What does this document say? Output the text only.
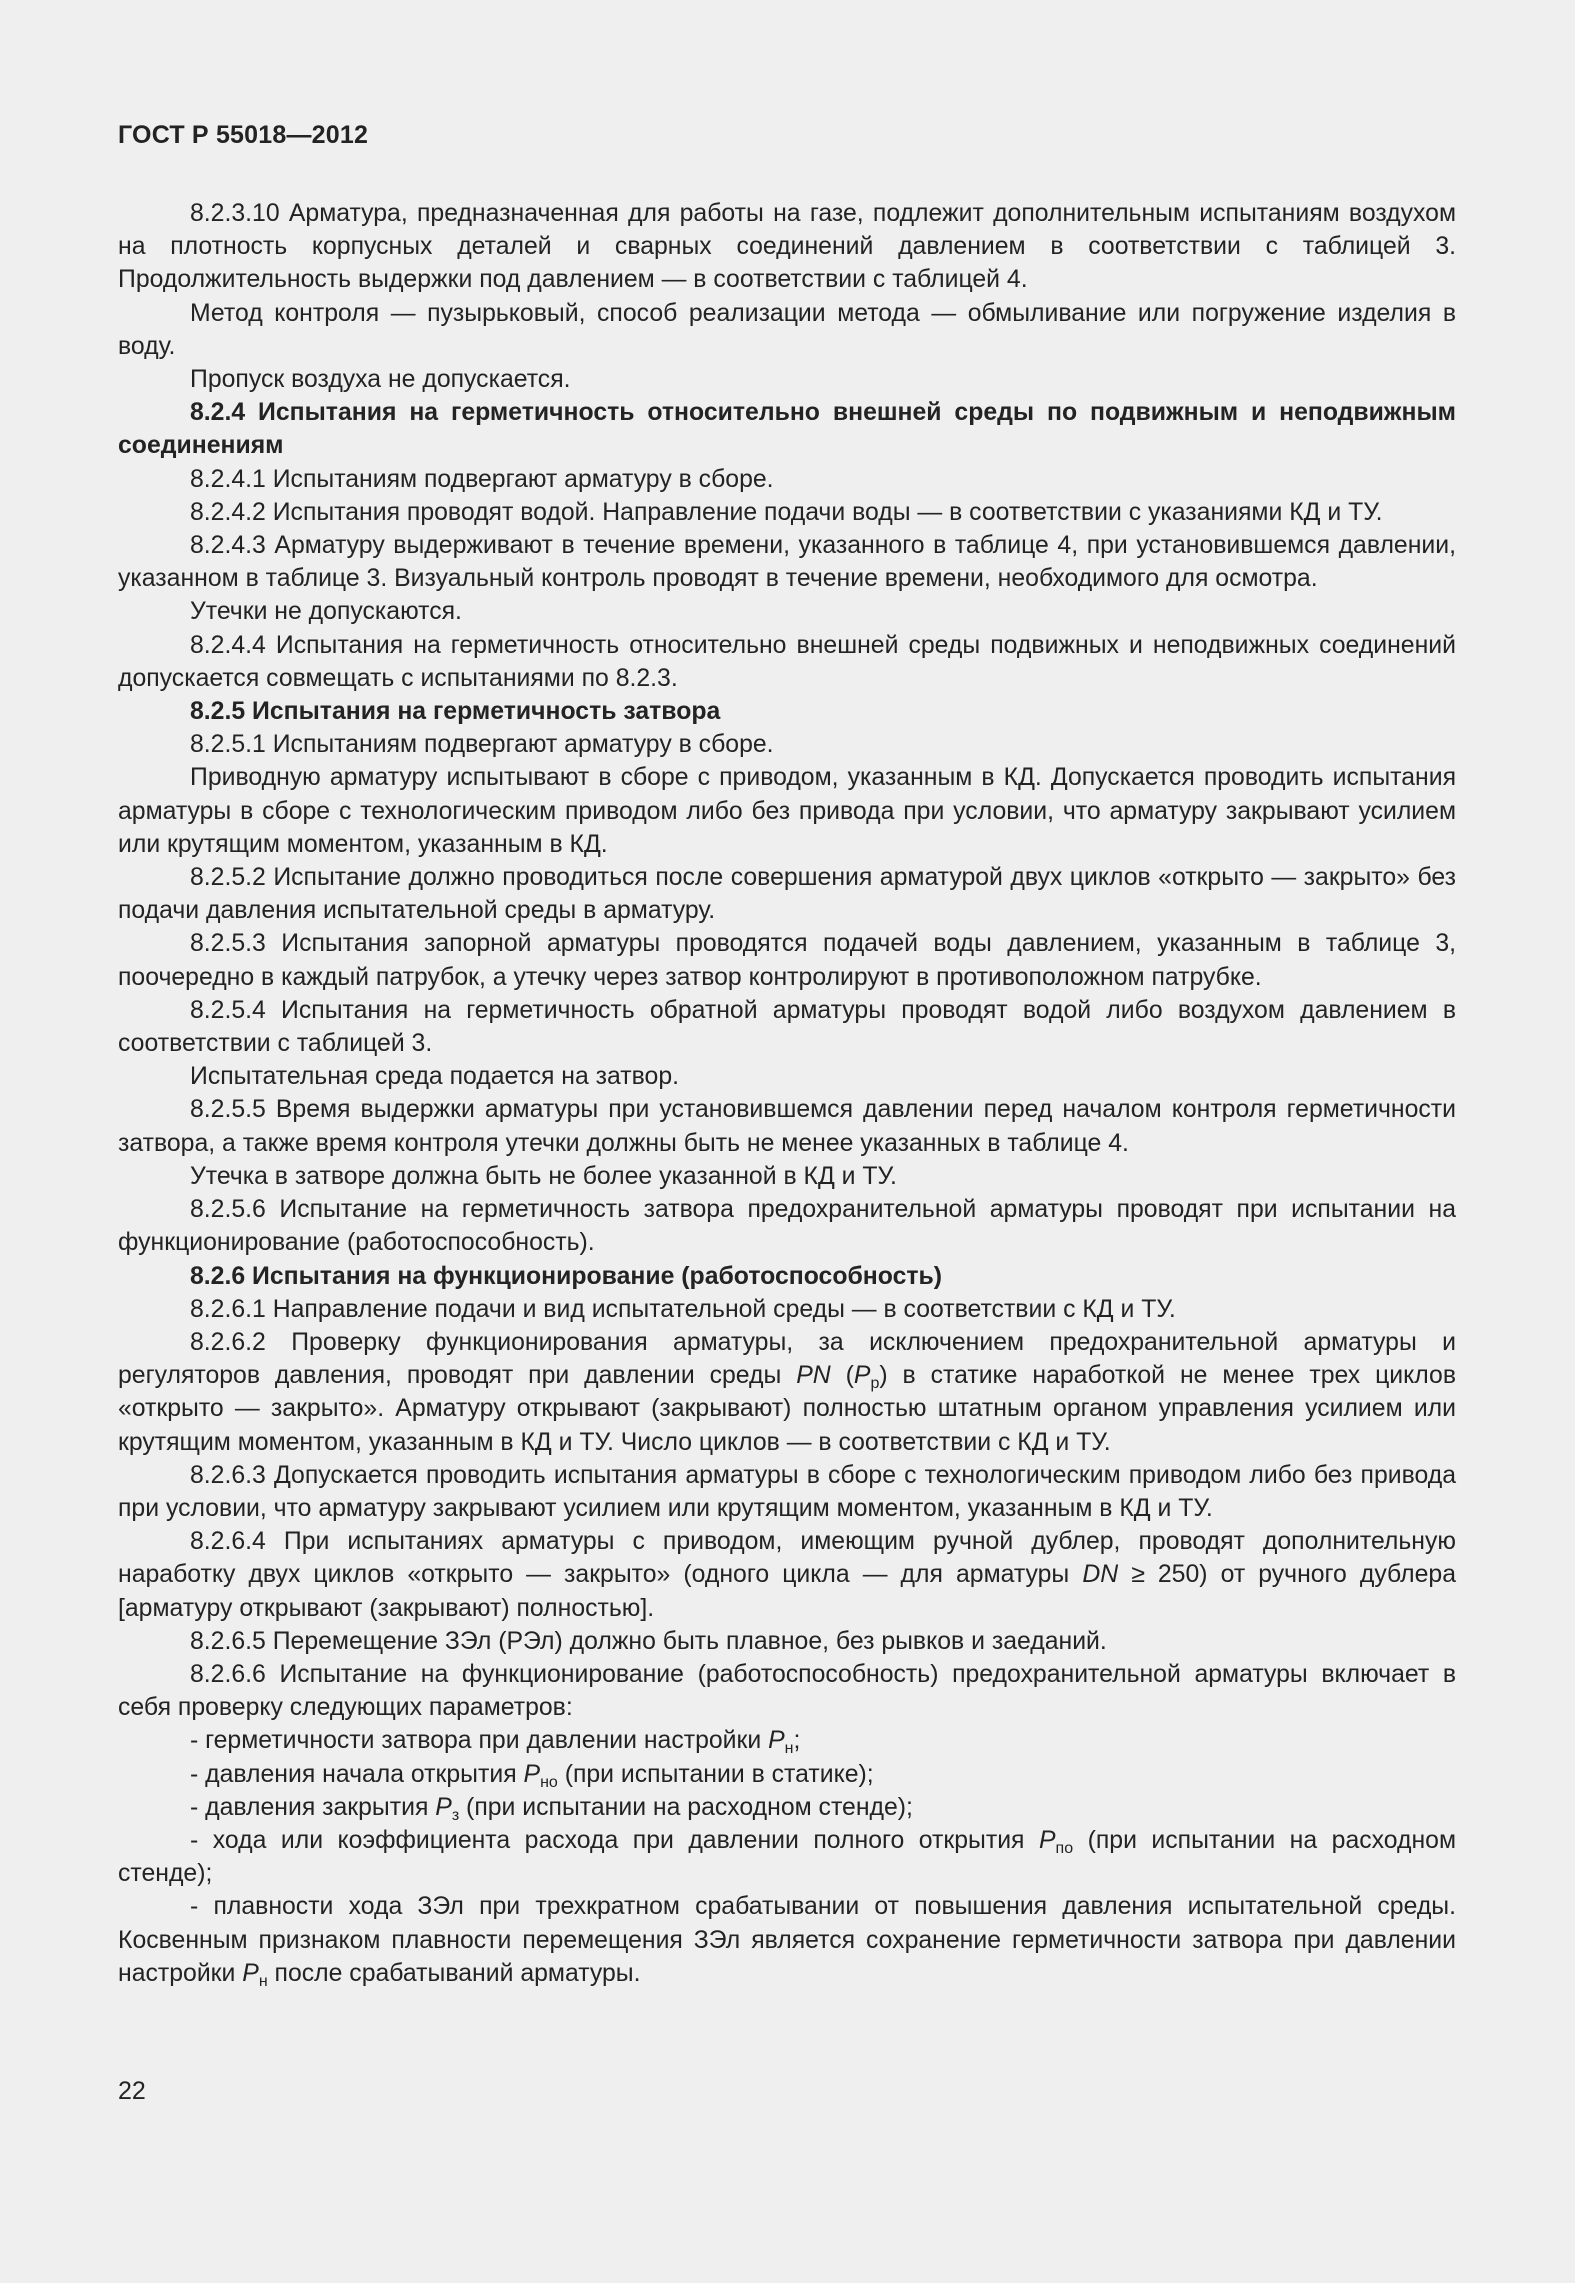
ГОСТ Р 55018—2012

8.2.3.10 Арматура, предназначенная для работы на газе, подлежит дополнительным испытаниям воздухом на плотность корпусных деталей и сварных соединений давлением в соответствии с таблицей 3. Продолжительность выдержки под давлением — в соответствии с таблицей 4.

Метод контроля — пузырьковый, способ реализации метода — обмыливание или погружение изделия в воду.

Пропуск воздуха не допускается.

8.2.4 Испытания на герметичность относительно внешней среды по подвижным и неподвижным соединениям

8.2.4.1 Испытаниям подвергают арматуру в сборе.

8.2.4.2 Испытания проводят водой. Направление подачи воды — в соответствии с указаниями КД и ТУ.

8.2.4.3 Арматуру выдерживают в течение времени, указанного в таблице 4, при установившемся давлении, указанном в таблице 3. Визуальный контроль проводят в течение времени, необходимого для осмотра.

Утечки не допускаются.

8.2.4.4 Испытания на герметичность относительно внешней среды подвижных и неподвижных соединений допускается совмещать с испытаниями по 8.2.3.

8.2.5 Испытания на герметичность затвора

8.2.5.1 Испытаниям подвергают арматуру в сборе.

Приводную арматуру испытывают в сборе с приводом, указанным в КД. Допускается проводить испытания арматуры в сборе с технологическим приводом либо без привода при условии, что арматуру закрывают усилием или крутящим моментом, указанным в КД.

8.2.5.2 Испытание должно проводиться после совершения арматурой двух циклов «открыто — закрыто» без подачи давления испытательной среды в арматуру.

8.2.5.3 Испытания запорной арматуры проводятся подачей воды давлением, указанным в таблице 3, поочередно в каждый патрубок, а утечку через затвор контролируют в противоположном патрубке.

8.2.5.4 Испытания на герметичность обратной арматуры проводят водой либо воздухом давлением в соответствии с таблицей 3.

Испытательная среда подается на затвор.

8.2.5.5 Время выдержки арматуры при установившемся давлении перед началом контроля герметичности затвора, а также время контроля утечки должны быть не менее указанных в таблице 4.

Утечка в затворе должна быть не более указанной в КД и ТУ.

8.2.5.6 Испытание на герметичность затвора предохранительной арматуры проводят при испытании на функционирование (работоспособность).

8.2.6 Испытания на функционирование (работоспособность)

8.2.6.1 Направление подачи и вид испытательной среды — в соответствии с КД и ТУ.

8.2.6.2 Проверку функционирования арматуры, за исключением предохранительной арматуры и регуляторов давления, проводят при давлении среды PN $(P_р)$ в статике наработкой не менее трех циклов «открыто — закрыто». Арматуру открывают (закрывают) полностью штатным органом управления усилием или крутящим моментом, указанным в КД и ТУ. Число циклов — в соответствии с КД и ТУ.

8.2.6.3 Допускается проводить испытания арматуры в сборе с технологическим приводом либо без привода при условии, что арматуру закрывают усилием или крутящим моментом, указанным в КД и ТУ.

8.2.6.4 При испытаниях арматуры с приводом, имеющим ручной дублер, проводят дополнительную наработку двух циклов «открыто — закрыто» (одного цикла — для арматуры DN ≥ 250) от ручного дублера [арматуру открывают (закрывают) полностью].

8.2.6.5 Перемещение ЗЭл (РЭл) должно быть плавное, без рывков и заеданий.

8.2.6.6 Испытание на функционирование (работоспособность) предохранительной арматуры включает в себя проверку следующих параметров:

- герметичности затвора при давлении настройки $P_н$;

- давления начала открытия $P_{но}$ (при испытании в статике);

- давления закрытия $P_з$ (при испытании на расходном стенде);

- хода или коэффициента расхода при давлении полного открытия $P_{по}$ (при испытании на расходном стенде);

- плавности хода ЗЭл при трехкратном срабатывании от повышения давления испытательной среды. Косвенным признаком плавности перемещения ЗЭл является сохранение герметичности затвора при давлении настройки $P_н$ после срабатываний арматуры.

22
